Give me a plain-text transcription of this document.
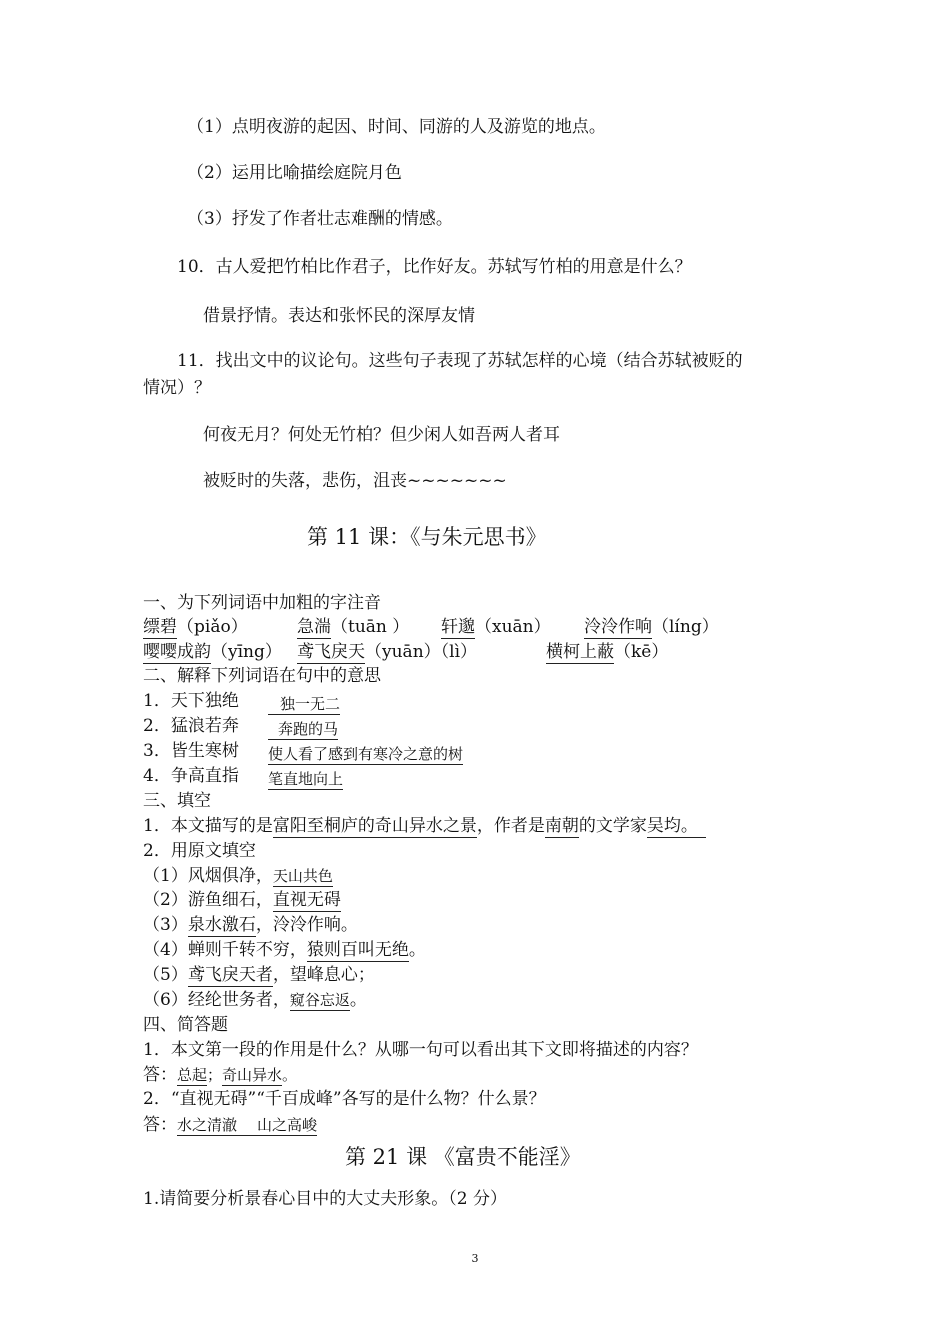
（1）点明夜游的起因、时间、同游的人及游览的地点。
（2）运用比喻描绘庭院月色
（3）抒发了作者壮志难酬的情感。
10．古人爱把竹柏比作君子，比作好友。苏轼写竹柏的用意是什么？
借景抒情。表达和张怀民的深厚友情
11．找出文中的议论句。这些句子表现了苏轼怎样的心境（结合苏轼被贬的
情况）？
何夜无月？何处无竹柏？但少闲人如吾两人者耳
被贬时的失落，悲伤，沮丧~~~~~~~
第 11 课：《与朱元思书》
一、为下列词语中加粗的字注音
缥碧（piǎo）	急湍（tuān ） 轩邈（xuān） 泠泠作响（líng）
嘤嘤成韵（yīng） 鸢飞戾天（yuān）（lì）	横柯上蔽（kē）
二、解释下列词语在句中的意思
1．天下独绝	独一无二
2．猛浪若奔	奔跑的马
3．皆生寒树 使人看了感到有寒冷之意的树
4．争高直指 笔直地向上
三、填空
1．本文描写的是富阳至桐庐的奇山异水之景，作者是南朝的文学家吴均。
2．用原文填空
（1）风烟俱净，天山共色
（2）游鱼细石，直视无碍
（3）泉水激石，泠泠作响。
（4）蝉则千转不穷，猿则百叫无绝。
（5）鸢飞戾天者，望峰息心；
（6）经纶世务者，窥谷忘返。
四、简答题
1．本文第一段的作用是什么？从哪一句可以看出其下文即将描述的内容？
答：总起；奇山异水。
2．“直视无碍”“千百成峰”各写的是什么物？什么景？
答：水之清澈 山之高峻
第 21 课 《富贵不能淫》
1.请简要分析景春心目中的大丈夫形象。（2 分）
3
